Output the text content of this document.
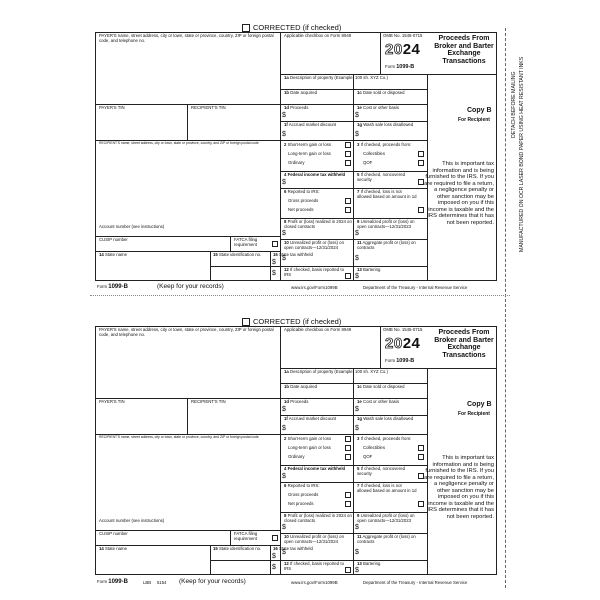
DETACH BEFORE MAILING MANUFACTURED ON OCR LASER BOND PAPER USING HEAT RESISTANT INKS
CORRECTED (if checked)
PAYER'S name, street address, city or town, state or province, country, ZIP or foreign postal code, and telephone no.
Applicable checkbox on Form 8949	OMB No. 1545-0715
2024
Form 1099-B
Proceeds From Broker and Barter Exchange Transactions
1a Description of property (Example: 100 sh. XYZ Co.)
1b Date acquired	1c Date sold or disposed
PAYER'S TIN	RECIPIENT'S TIN	1d Proceeds
$
1e Cost or other basis
$
1f Accrued market discount
$
1g Wash sale loss disallowed
$
Copy B
For Recipient
RECIPIENT'S name, street address, city or town, state or province, country, and ZIP or foreign postal code	2 Short-term gain or loss
Long-term gain or loss
Ordinary
3 If checked, proceeds from:
Collectibles
QOF
4 Federal income tax withheld
$
5 If checked, noncovered security
6 Reported to IRS:
Gross proceeds
Net proceeds
7 If checked, loss is not allowed based on amount in 1d
8 Profit or (loss) realized in 2024 on closed contracts
$
9 Unrealized profit or (loss) on open contracts—12/31/2023
$
Account number (see instructions)
CUSIP number	FATCA filing requirement	10 Unrealized profit or (loss) on open contracts—12/31/2024
$
11 Aggregate profit or (loss) on contracts
$
14 State name	15 State identification no.	16 State tax withheld
$
$
12 If checked, basis reported to IRS
13 Bartering
$
This is important tax information and is being furnished to the IRS. If you are required to file a return, a negligence penalty or other sanction may be imposed on you if this income is taxable and the IRS determines that it has not been reported.
Form 1099-B	(Keep for your records)	www.irs.gov/Form1099B	Department of the Treasury - Internal Revenue Service
CORRECTED (if checked)
PAYER'S name, street address, city or town, state or province, country, ZIP or foreign postal code, and telephone no.
Applicable checkbox on Form 8949	OMB No. 1545-0715
2024
Form 1099-B
Proceeds From Broker and Barter Exchange Transactions
1a Description of property (Example: 100 sh. XYZ Co.)
1b Date acquired	1c Date sold or disposed
PAYER'S TIN	RECIPIENT'S TIN	1d Proceeds
$
1e Cost or other basis
$
1f Accrued market discount
$
1g Wash sale loss disallowed
$
Copy B
For Recipient
RECIPIENT'S name, street address, city or town, state or province, country, and ZIP or foreign postal code	2 Short-term gain or loss
Long-term gain or loss
Ordinary
3 If checked, proceeds from:
Collectibles
QOF
4 Federal income tax withheld
$
5 If checked, noncovered security
6 Reported to IRS:
Gross proceeds
Net proceeds
7 If checked, loss is not allowed based on amount in 1d
8 Profit or (loss) realized in 2024 on closed contracts
$
9 Unrealized profit or (loss) on open contracts—12/31/2023
$
Account number (see instructions)
CUSIP number	FATCA filing requirement	10 Unrealized profit or (loss) on open contracts—12/31/2024
$
11 Aggregate profit or (loss) on contracts
$
14 State name	15 State identification no.	16 State tax withheld
$
$
12 If checked, basis reported to IRS
13 Bartering
$
This is important tax information and is being furnished to the IRS. If you are required to file a return, a negligence penalty or other sanction may be imposed on you if this income is taxable and the IRS determines that it has not been reported.
Form 1099-B	LBB 5154 (Keep for your records)	www.irs.gov/Form1099B	Department of the Treasury - Internal Revenue Service
